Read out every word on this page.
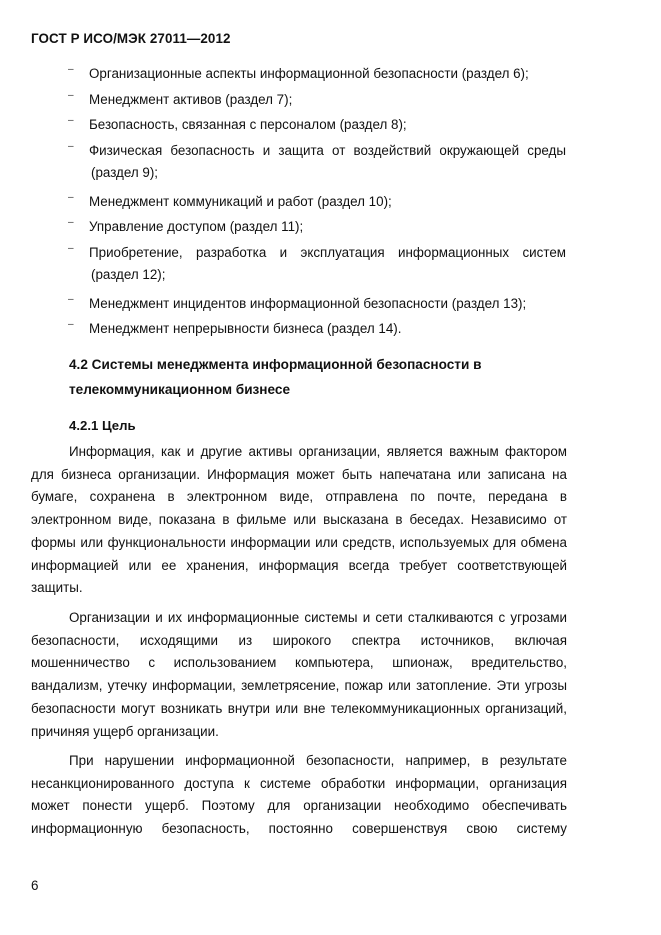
ГОСТ Р ИСО/МЭК 27011—2012
– Организационные аспекты информационной безопасности (раздел 6);
– Менеджмент активов (раздел 7);
– Безопасность, связанная с персоналом (раздел 8);
– Физическая безопасность и защита от воздействий окружающей среды
(раздел 9);
– Менеджмент коммуникаций и работ (раздел 10);
– Управление доступом (раздел 11);
– Приобретение, разработка и эксплуатация информационных систем
(раздел 12);
– Менеджмент инцидентов информационной безопасности (раздел 13);
– Менеджмент непрерывности бизнеса (раздел 14).
4.2 Системы менеджмента информационной безопасности в
телекоммуникационном бизнесе
4.2.1 Цель
Информация, как и другие активы организации, является важным фактором для бизнеса организации. Информация может быть напечатана или записана на бумаге, сохранена в электронном виде, отправлена по почте, передана в электронном виде, показана в фильме или высказана в беседах. Независимо от формы или функциональности информации или средств, используемых для обмена информацией или ее хранения, информация всегда требует соответствующей защиты.
Организации и их информационные системы и сети сталкиваются с угрозами безопасности, исходящими из широкого спектра источников, включая мошенничество с использованием компьютера, шпионаж, вредительство, вандализм, утечку информации, землетрясение, пожар или затопление. Эти угрозы безопасности могут возникать внутри или вне телекоммуникационных организаций, причиняя ущерб организации.
При нарушении информационной безопасности, например, в результате несанкционированного доступа к системе обработки информации, организация может понести ущерб. Поэтому для организации необходимо обеспечивать информационную безопасность, постоянно совершенствуя свою систему
6
